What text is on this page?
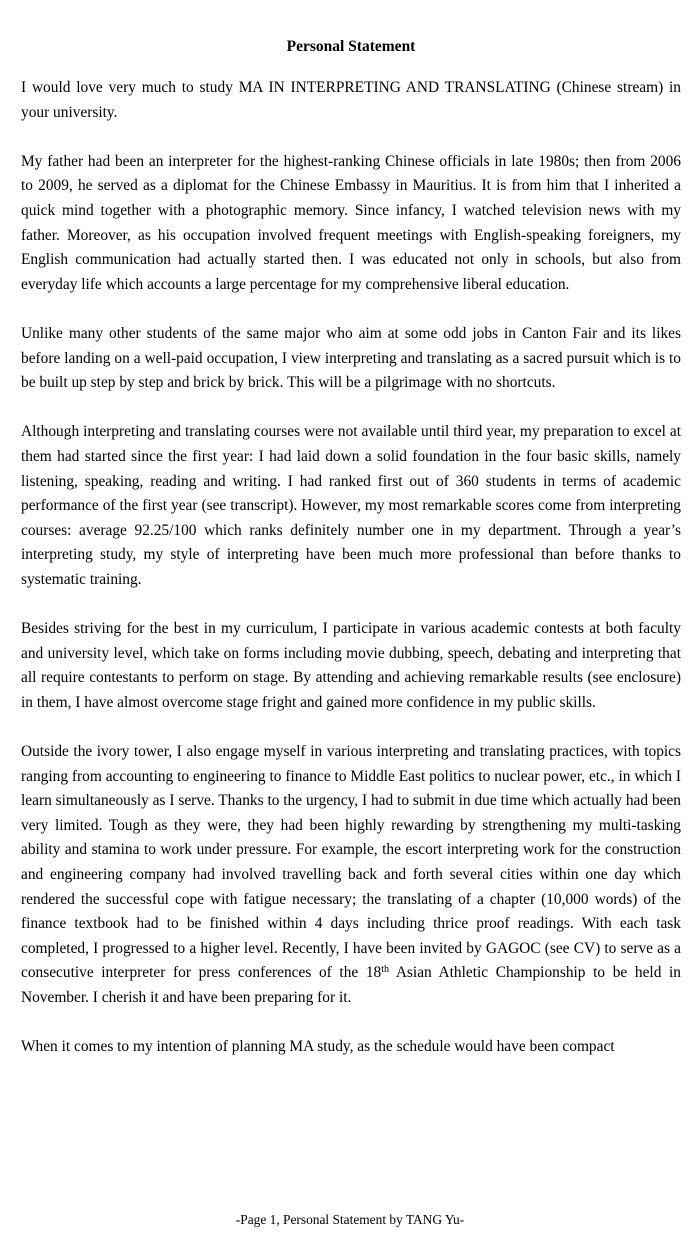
Personal Statement

I would love very much to study MA IN INTERPRETING AND TRANSLATING (Chinese stream) in your university.

My father had been an interpreter for the highest-ranking Chinese officials in late 1980s; then from 2006 to 2009, he served as a diplomat for the Chinese Embassy in Mauritius. It is from him that I inherited a quick mind together with a photographic memory. Since infancy, I watched television news with my father. Moreover, as his occupation involved frequent meetings with English-speaking foreigners, my English communication had actually started then. I was educated not only in schools, but also from everyday life which accounts a large percentage for my comprehensive liberal education.

Unlike many other students of the same major who aim at some odd jobs in Canton Fair and its likes before landing on a well-paid occupation, I view interpreting and translating as a sacred pursuit which is to be built up step by step and brick by brick. This will be a pilgrimage with no shortcuts.

Although interpreting and translating courses were not available until third year, my preparation to excel at them had started since the first year: I had laid down a solid foundation in the four basic skills, namely listening, speaking, reading and writing. I had ranked first out of 360 students in terms of academic performance of the first year (see transcript). However, my most remarkable scores come from interpreting courses: average 92.25/100 which ranks definitely number one in my department. Through a year’s interpreting study, my style of interpreting have been much more professional than before thanks to systematic training.

Besides striving for the best in my curriculum, I participate in various academic contests at both faculty and university level, which take on forms including movie dubbing, speech, debating and interpreting that all require contestants to perform on stage. By attending and achieving remarkable results (see enclosure) in them, I have almost overcome stage fright and gained more confidence in my public skills.

Outside the ivory tower, I also engage myself in various interpreting and translating practices, with topics ranging from accounting to engineering to finance to Middle East politics to nuclear power, etc., in which I learn simultaneously as I serve. Thanks to the urgency, I had to submit in due time which actually had been very limited. Tough as they were, they had been highly rewarding by strengthening my multi-tasking ability and stamina to work under pressure. For example, the escort interpreting work for the construction and engineering company had involved travelling back and forth several cities within one day which rendered the successful cope with fatigue necessary; the translating of a chapter (10,000 words) of the finance textbook had to be finished within 4 days including thrice proof readings. With each task completed, I progressed to a higher level. Recently, I have been invited by GAGOC (see CV) to serve as a consecutive interpreter for press conferences of the 18th Asian Athletic Championship to be held in November. I cherish it and have been preparing for it.

When it comes to my intention of planning MA study, as the schedule would have been compact

-Page 1, Personal Statement by TANG Yu-
